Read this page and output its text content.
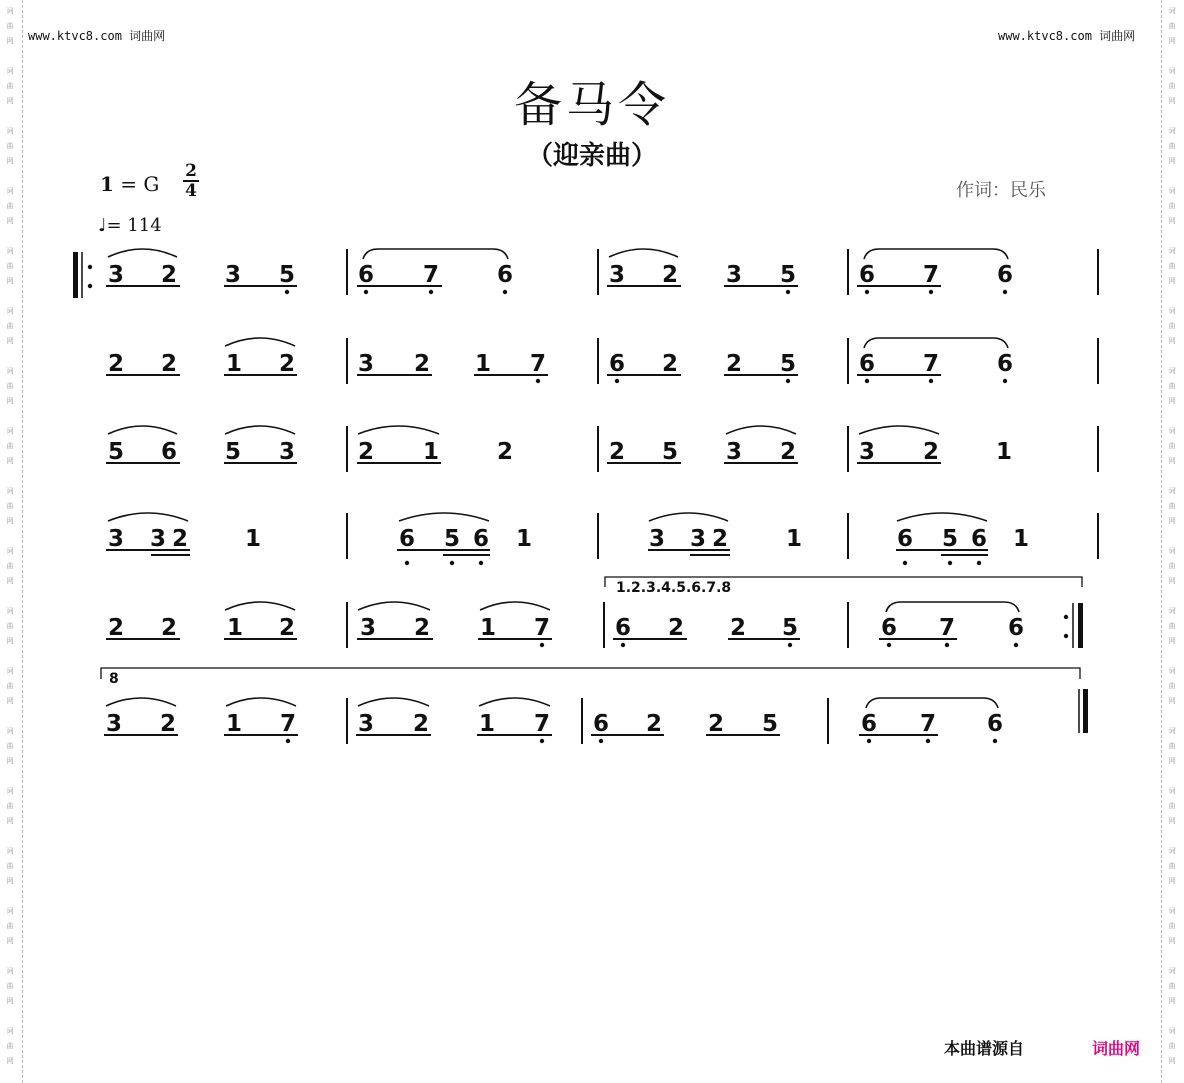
词
曲
网
词
曲
网
词
曲
网
词
曲
网
词
曲
网
词
曲
网
词
曲
网
词
曲
网
词
曲
网
词
曲
网
词
曲
网
词
曲
网
词
曲
网
词
曲
网
词
曲
网
词
曲
网
词
曲
网
词
曲
网
词
曲
网
词
曲
网
词
曲
网
词
曲
网
词
曲
网
词
曲
网
词
曲
网
词
曲
网
词
曲
网
词
曲
网
词
曲
网
词
曲
网
词
曲
网
词
曲
网
词
曲
网
词
曲
网
词
曲
网
词
曲
网
www.ktvc8.com 词曲网	www.ktvc8.com 词曲网
备马令
（迎亲曲）
1 = G
2
4
♩= 114
作词：民乐
1.2.3.4.5.6.7.8
8
3 2 3 5	6 7	6	3 2 3 5	6 7	6
2 2 1 2	3 2 1 7	6 2 2 5	6 7	6
5 6 5 3	2 1	2	2 5 3 2	3 2 1
3 3 2 1	6 5 6 1	3 3 2	1	6 5 6 1
2 2 1 2	3 2 1 7	6 2 2 5	6 7 6
3 2 1 7	3 2 1 7 6 2 2 5	6 7 6
本曲谱源自	词曲网
